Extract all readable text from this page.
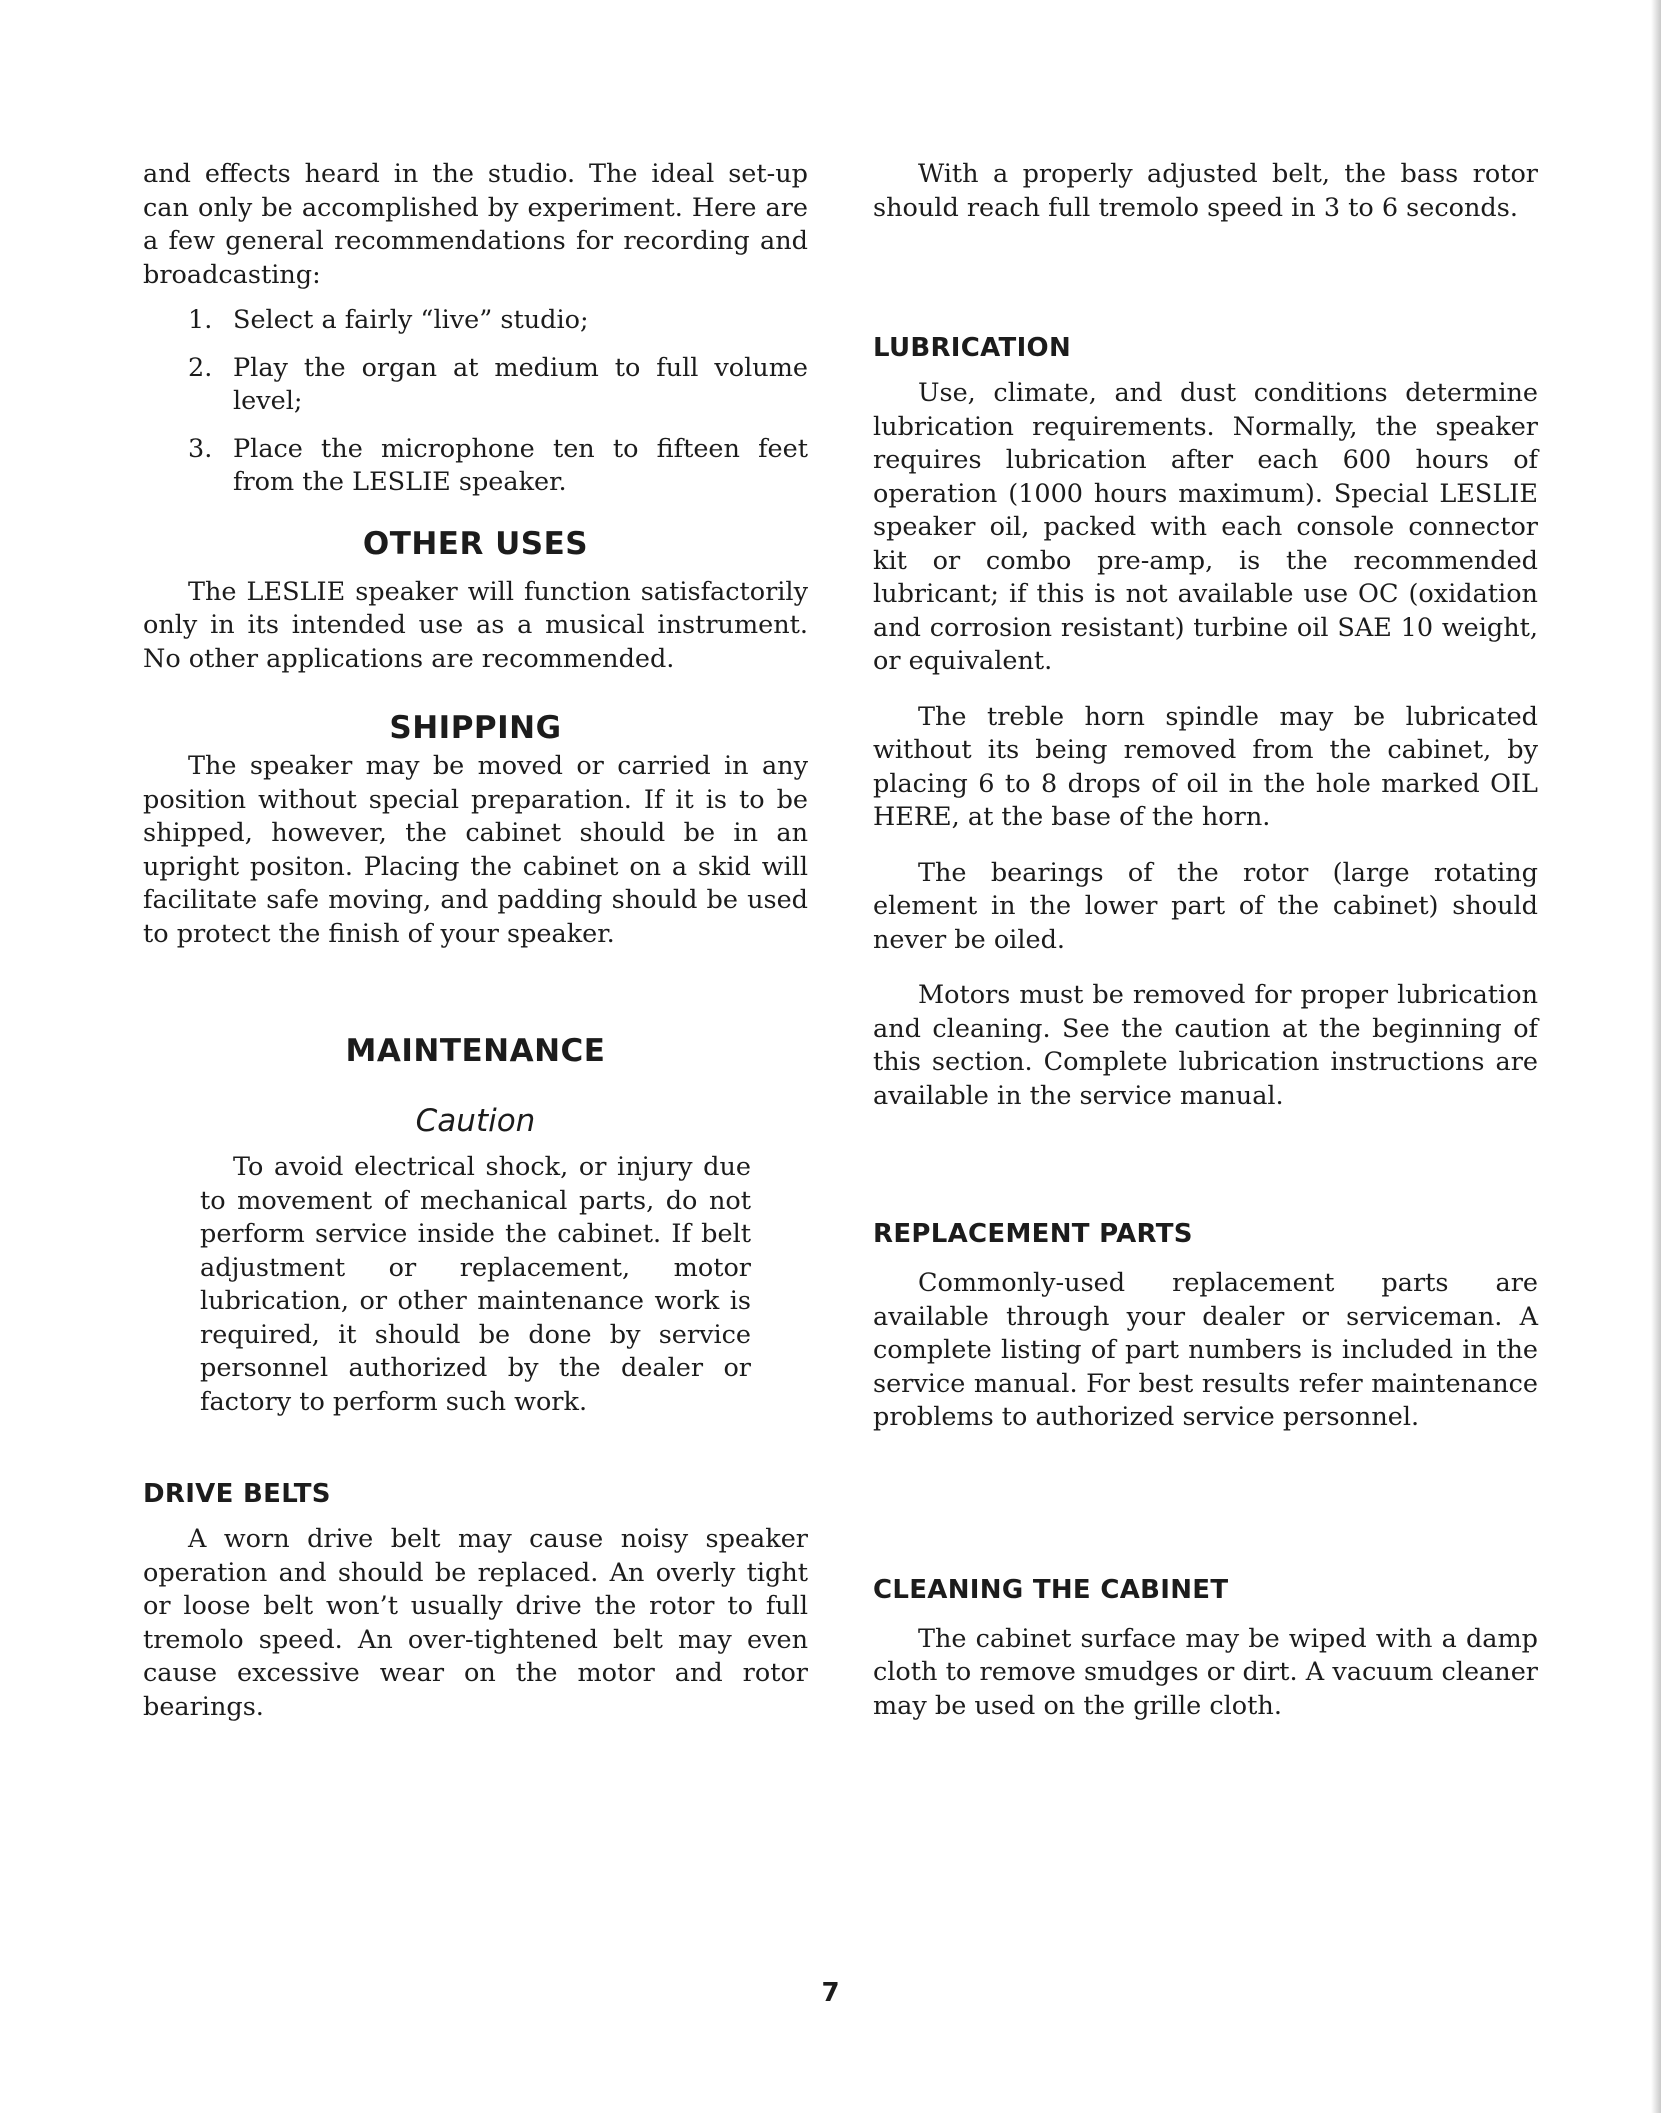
and effects heard in the studio. The ideal set-up can only be accomplished by experiment. Here are a few general recommendations for recording and broadcasting:

1. Select a fairly “live” studio;
2. Play the organ at medium to full volume level;
3. Place the microphone ten to fifteen feet from the LESLIE speaker.
OTHER USES

The LESLIE speaker will function satisfactorily only in its intended use as a musical instrument. No other applications are recommended.

SHIPPING

The speaker may be moved or carried in any position without special preparation. If it is to be shipped, however, the cabinet should be in an upright positon. Placing the cabinet on a skid will facilitate safe moving, and padding should be used to protect the finish of your speaker.

MAINTENANCE
Caution

To avoid electrical shock, or injury due to movement of mechanical parts, do not perform service inside the cabinet. If belt adjustment or replacement, motor lubrication, or other maintenance work is required, it should be done by service personnel authorized by the dealer or factory to perform such work.

DRIVE BELTS

A worn drive belt may cause noisy speaker operation and should be replaced. An overly tight or loose belt won’t usually drive the rotor to full tremolo speed. An over-tightened belt may even cause excessive wear on the motor and rotor bearings.

With a properly adjusted belt, the bass rotor should reach full tremolo speed in 3 to 6 seconds.

LUBRICATION

Use, climate, and dust conditions determine lubrication requirements. Normally, the speaker requires lubrication after each 600 hours of operation (1000 hours maximum). Special LESLIE speaker oil, packed with each console connector kit or combo pre-amp, is the recommended lubricant; if this is not available use OC (oxidation and corrosion resistant) turbine oil SAE 10 weight, or equivalent.

The treble horn spindle may be lubricated without its being removed from the cabinet, by placing 6 to 8 drops of oil in the hole marked OIL HERE, at the base of the horn.

The bearings of the rotor (large rotating element in the lower part of the cabinet) should never be oiled.

Motors must be removed for proper lubrication and cleaning. See the caution at the beginning of this section. Complete lubrication instructions are available in the service manual.

REPLACEMENT PARTS

Commonly-used replacement parts are available through your dealer or serviceman. A complete listing of part numbers is included in the service manual. For best results refer maintenance problems to authorized service personnel.

CLEANING THE CABINET

The cabinet surface may be wiped with a damp cloth to remove smudges or dirt. A vacuum cleaner may be used on the grille cloth.

7
